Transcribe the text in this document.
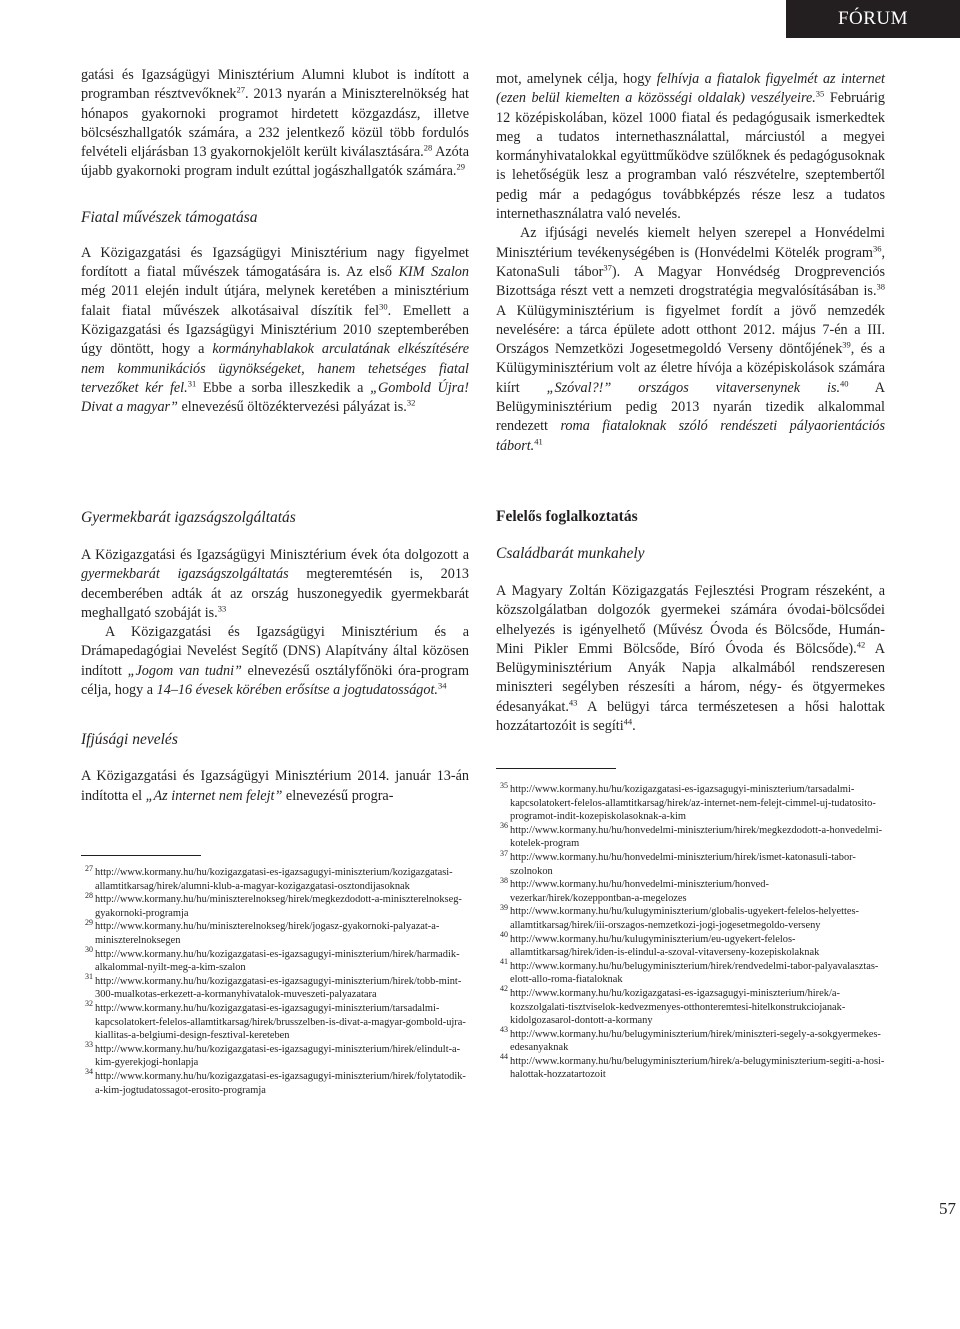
FÓRUM

gatási és Igazságügyi Minisztérium Alumni klubot is indított a programban résztvevőknek$^{27}$. 2013 nyarán a Miniszterelnökség hat hónapos gyakornoki programot hirdetett közgazdász, illetve bölcsészhallgatók számára, a 232 jelentkező közül több fordulós felvételi eljárásban 13 gyakornokjelölt került kiválasztására.$^{28}$ Azóta újabb gyakornoki program indult ezúttal jogászhallgatók számára.$^{29}$

Fiatal művészek támogatása

A Közigazgatási és Igazságügyi Minisztérium nagy figyelmet fordított a fiatal művészek támogatására is. Az első KIM Szalon még 2011 elején indult útjára, melynek keretében a minisztérium falait fiatal művészek alkotásaival díszítik fel$^{30}$. Emellett a Közigazgatási és Igazságügyi Minisztérium 2010 szeptemberében úgy döntött, hogy a kormányhablakok arculatának elkészítésére nem kommunikációs ügynökségeket, hanem tehetséges fiatal tervezőket kér fel.$^{31}$ Ebbe a sorba illeszkedik a „Gombold Újra! Divat a magyar” elnevezésű öltözéktervezési pályázat is.$^{32}$

mot, amelynek célja, hogy felhívja a fiatalok figyelmét az internet (ezen belül kiemelten a közösségi oldalak) veszélyeire.$^{35}$ Februárig 12 középiskolában, közel 1000 fiatal és pedagógusaik ismerkedtek meg a tudatos internethasználattal, márciustól a megyei kormányhivatalokkal együttműködve szülőknek és pedagógusoknak is lehetőségük lesz a programban való részvételre, szeptembertől pedig már a pedagógus továbbképzés része lesz a tudatos internethasználatra való nevelés.

Az ifjúsági nevelés kiemelt helyen szerepel a Honvédelmi Minisztérium tevékenységében is (Honvédelmi Kötelék program$^{36}$, KatonaSuli tábor$^{37}$). A Magyar Honvédség Drogprevenciós Bizottsága részt vett a nemzeti drogstratégia megvalósításában is.$^{38}$ A Külügyminisztérium is figyelmet fordít a jövő nemzedék nevelésére: a tárca épülete adott otthont 2012. május 7-én a III. Országos Nemzetközi Jogesetmegoldó Verseny döntőjének$^{39}$, és a Külügyminisztérium volt az életre hívója a középiskolások számára kiírt „Szóval?!” országos vitaversenynek is.$^{40}$ A Belügyminisztérium pedig 2013 nyarán tizedik alkalommal rendezett roma fiataloknak szóló rendészeti pályaorientációs tábort.$^{41}$

Gyermekbarát igazságszolgáltatás

A Közigazgatási és Igazságügyi Minisztérium évek óta dolgozott a gyermekbarát igazságszolgáltatás megteremtésén is, 2013 decemberében adták át az ország huszonegyedik gyermekbarát meghallgató szobáját is.$^{33}$

A Közigazgatási és Igazságügyi Minisztérium és a Drámapedagógiai Nevelést Segítő (DNS) Alapítvány által közösen indított „Jogom van tudni” elnevezésű osztályfőnöki óra-program célja, hogy a 14–16 évesek körében erősítse a jogtudatosságot.$^{34}$

Ifjúsági nevelés

A Közigazgatási és Igazságügyi Minisztérium 2014. január 13-án indította el „Az internet nem felejt” elnevezésű progra-

Felelős foglalkoztatás
Családbarát munkahely

A Magyary Zoltán Közigazgatás Fejlesztési Program részeként, a közszolgálatban dolgozók gyermekei számára óvodai-bölcsődei elhelyezés is igényelhető (Művész Óvoda és Bölcsőde, Humán-Mini Pikler Emmi Bölcsőde, Bíró Óvoda és Bölcsőde).$^{42}$ A Belügyminisztérium Anyák Napja alkalmából rendszeresen miniszteri segélyben részesíti a három, négy- és ötgyermekes édesanyákat.$^{43}$ A belügyi tárca természetesen a hősi halottak hozzátartozóit is segíti$^{44}$.

27 http://www.kormany.hu/hu/kozigazgatasi-es-igazsagugyi-miniszterium/kozigazgatasi-allamtitkarsag/hirek/alumni-klub-a-magyar-kozigazgatasi-osztondijasoknak
28 http://www.kormany.hu/hu/miniszterelnokseg/hirek/megkezdodott-a-miniszterelnokseg-gyakornoki-programja
29 http://www.kormany.hu/hu/miniszterelnokseg/hirek/jogasz-gyakornoki-palyazat-a-miniszterelnoksegen
30 http://www.kormany.hu/hu/kozigazgatasi-es-igazsagugyi-miniszterium/hirek/harmadik-alkalommal-nyilt-meg-a-kim-szalon
31 http://www.kormany.hu/hu/kozigazgatasi-es-igazsagugyi-miniszterium/hirek/tobb-mint-300-mualkotas-erkezett-a-kormanyhivatalok-muveszeti-palyazatara
32 http://www.kormany.hu/hu/kozigazgatasi-es-igazsagugyi-miniszterium/tarsadalmi-kapcsolatokert-felelos-allamtitkarsag/hirek/brusszelben-is-divat-a-magyar-gombold-ujra-kiallitas-a-belgiumi-design-fesztival-kereteben
33 http://www.kormany.hu/hu/kozigazgatasi-es-igazsagugyi-miniszterium/hirek/elindult-a-kim-gyerekjogi-honlapja
34 http://www.kormany.hu/hu/kozigazgatasi-es-igazsagugyi-miniszterium/hirek/folytatodik-a-kim-jogtudatossagot-erosito-programja
35 http://www.kormany.hu/hu/kozigazgatasi-es-igazsagugyi-miniszterium/tarsadalmi-kapcsolatokert-felelos-allamtitkarsag/hirek/az-internet-nem-felejt-cimmel-uj-tudatosito-programot-indit-kozepiskolasoknak-a-kim
36 http://www.kormany.hu/hu/honvedelmi-miniszterium/hirek/megkezdodott-a-honvedelmi-kotelek-program
37 http://www.kormany.hu/hu/honvedelmi-miniszterium/hirek/ismet-katonasuli-tabor-szolnokon
38 http://www.kormany.hu/hu/honvedelmi-miniszterium/honved-vezerkar/hirek/kozeppontban-a-megelozes
39 http://www.kormany.hu/hu/kulugyminiszterium/globalis-ugyekert-felelos-helyettes-allamtitkarsag/hirek/iii-orszagos-nemzetkozi-jogi-jogesetmegoldo-verseny
40 http://www.kormany.hu/hu/kulugyminiszterium/eu-ugyekert-felelos-allamtitkarsag/hirek/iden-is-elindul-a-szoval-vitaverseny-kozepiskolaknak
41 http://www.kormany.hu/hu/belugyminiszterium/hirek/rendvedelmi-tabor-palyavalasztas-elott-allo-roma-fiataloknak
42 http://www.kormany.hu/hu/kozigazgatasi-es-igazsagugyi-miniszterium/hirek/a-kozszolgalati-tisztviselok-kedvezmenyes-otthonteremtesi-hitelkonstrukciojanak-kidolgozasarol-dontott-a-kormany
43 http://www.kormany.hu/hu/belugyminiszterium/hirek/miniszteri-segely-a-sokgyermekes-edesanyaknak
44 http://www.kormany.hu/hu/belugyminiszterium/hirek/a-belugyminiszterium-segiti-a-hosi-halottak-hozzatartozoit
57
